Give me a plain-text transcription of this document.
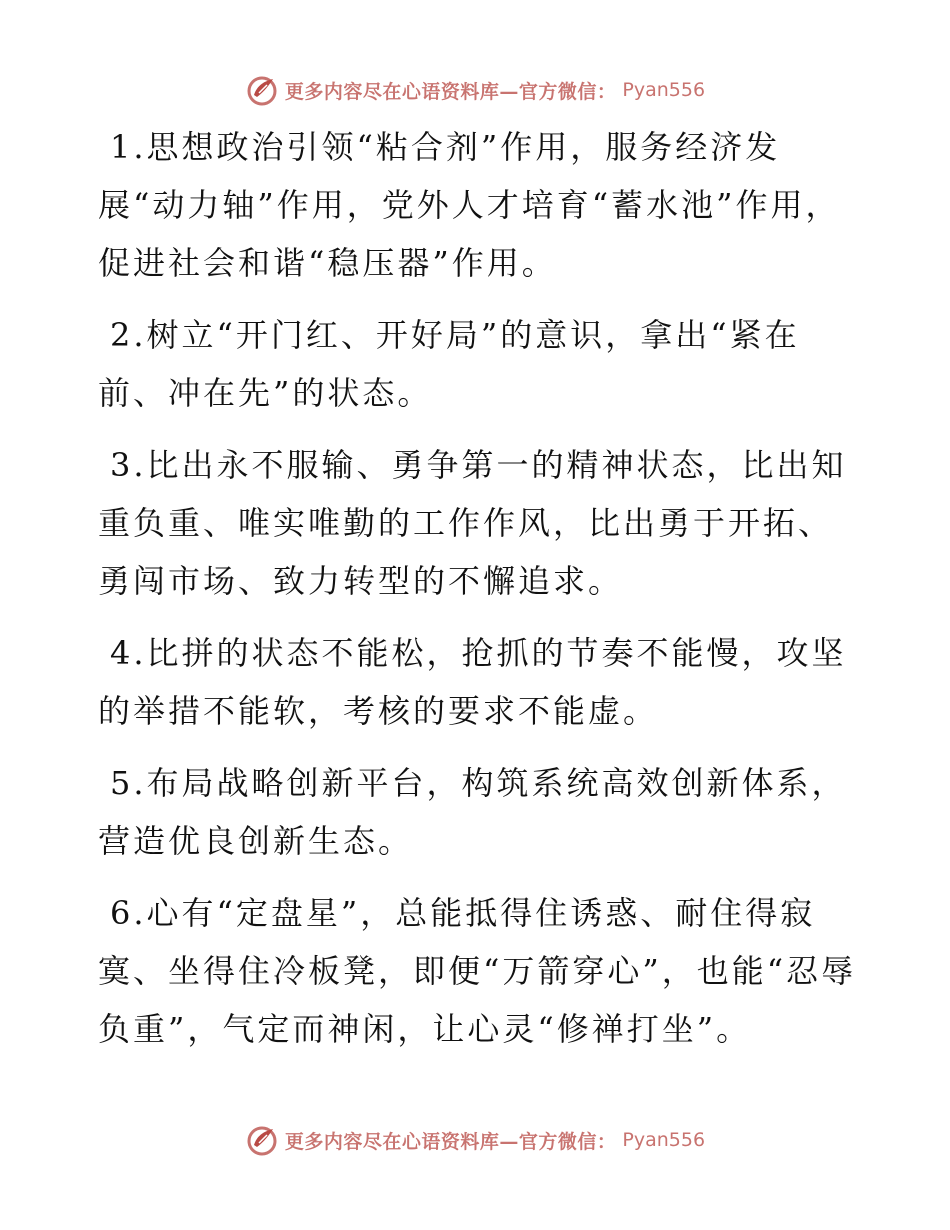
更多内容尽在心语资料库—官方微信： Pyan556

1.思想政治引领“粘合剂”作用，服务经济发展“动力轴”作用，党外人才培育“蓄水池”作用，促进社会和谐“稳压器”作用。

2.树立“开门红、开好局”的意识，拿出“紧在前、冲在先”的状态。

3.比出永不服输、勇争第一的精神状态，比出知重负重、唯实唯勤的工作作风，比出勇于开拓、勇闯市场、致力转型的不懈追求。

4.比拼的状态不能松，抢抓的节奏不能慢，攻坚的举措不能软，考核的要求不能虚。

5.布局战略创新平台，构筑系统高效创新体系，营造优良创新生态。

6.心有“定盘星”，总能抵得住诱惑、耐住得寂寞、坐得住冷板凳，即便“万箭穿心”，也能“忍辱负重”，气定而神闲，让心灵“修禅打坐”。

更多内容尽在心语资料库—官方微信： Pyan556
